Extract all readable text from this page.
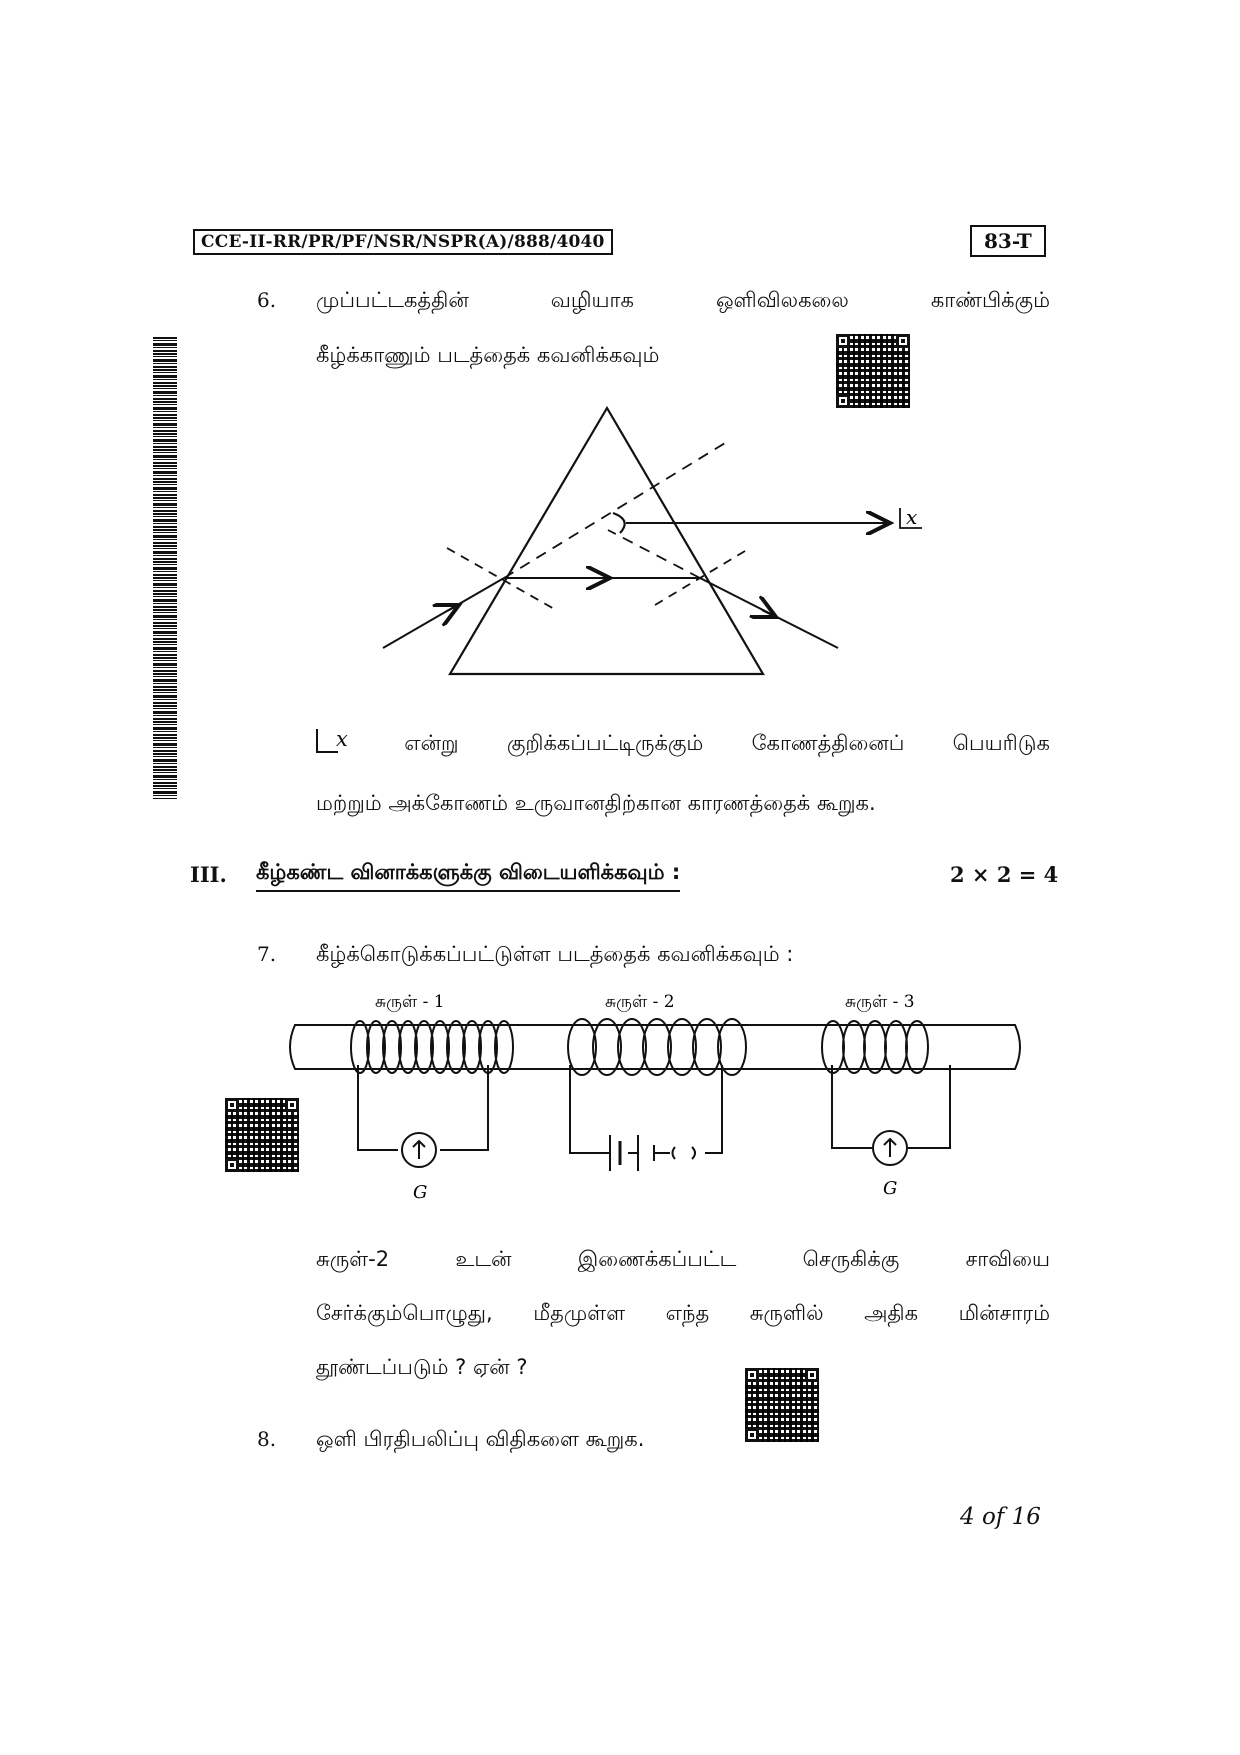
CCE-II-RR/PR/PF/NSR/NSPR(A)/888/4040	83-T
6. முப்பட்டகத்தின்	வழியாக	ஒளிவிலகலை	காண்பிக்கும்
கீழ்க்காணும் படத்தைக் கவனிக்கவும்
x
x	என்று குறிக்கப்பட்டிருக்கும் கோணத்தினைப் பெயரிடுக
மற்றும் அக்கோணம் உருவானதிற்கான காரணத்தைக் கூறுக.
III. கீழ்கண்ட வினாக்களுக்கு விடையளிக்கவும் :	2 × 2 = 4
7. கீழ்க்கொடுக்கப்பட்டுள்ள படத்தைக் கவனிக்கவும் :
சுருள் - 1	சுருள் - 2	சுருள் - 3
G	G
சுருள்-2	உடன்	இணைக்கப்பட்ட	செருகிக்கு	சாவியை
சேர்க்கும்பொழுது, மீதமுள்ள எந்த சுருளில் அதிக மின்சாரம்
தூண்டப்படும் ? ஏன் ?
8. ஒளி பிரதிபலிப்பு விதிகளை கூறுக.
4 of 16
